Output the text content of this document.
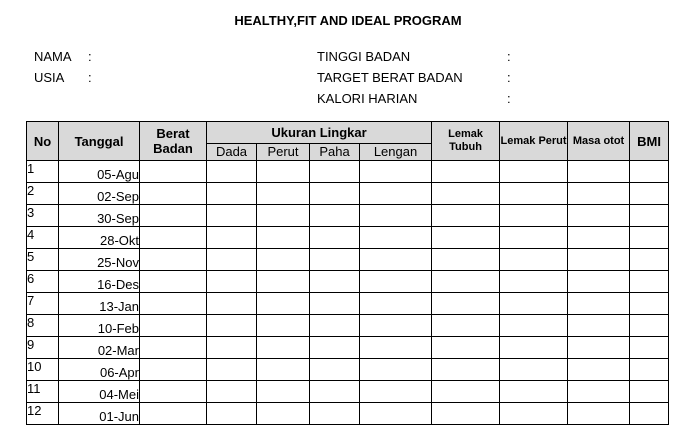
HEALTHY,FIT AND IDEAL PROGRAM
NAMA :
USIA :
TINGGI BADAN	:
TARGET BERAT BADAN	:
KALORI HARIAN	:
No	Tanggal	Berat Badan	Ukuran Lingkar				Lemak Tubuh	Lemak Perut	Masa otot	BMI
			Dada	Perut	Paha	Lengan				
1	05-Agu									
2	02-Sep									
3	30-Sep									
4	28-Okt									
5	25-Nov									
6	16-Des									
7	13-Jan									
8	10-Feb									
9	02-Mar									
10	06-Apr									
11	04-Mei									
12	01-Jun									
